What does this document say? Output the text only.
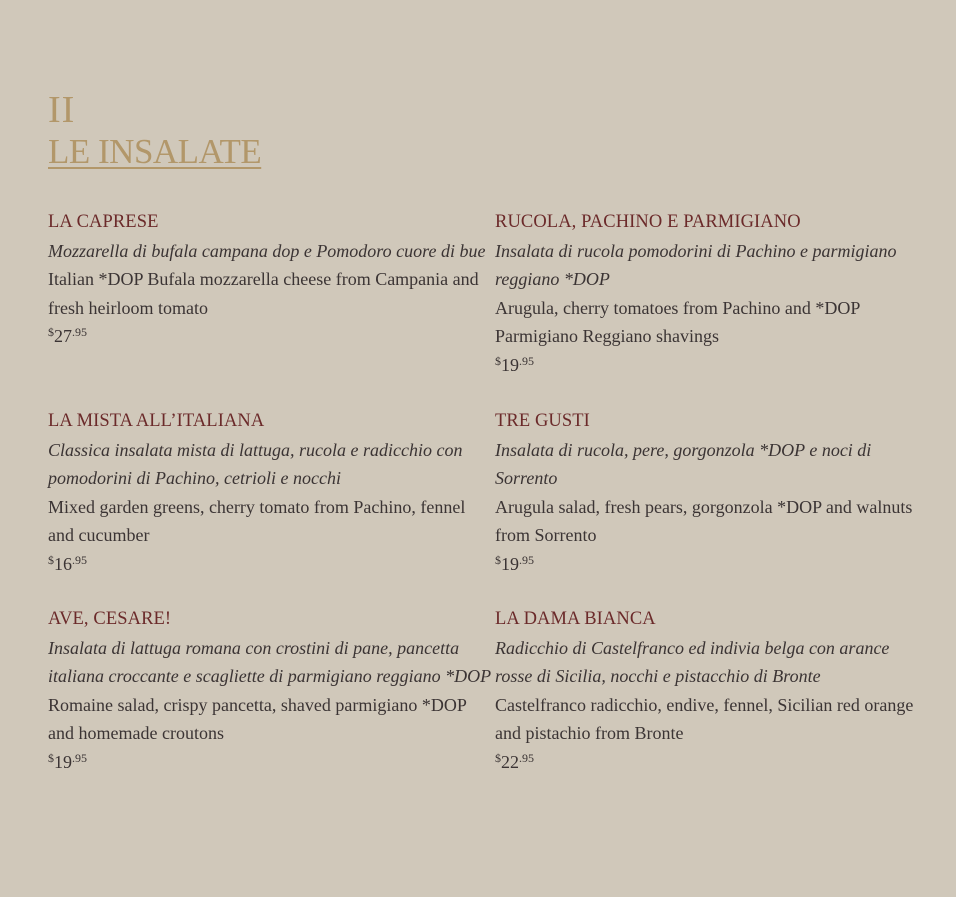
II
LE INSALATE
LA CAPRESE
Mozzarella di bufala campana dop e Pomodoro cuore di bue
Italian *DOP Bufala mozzarella cheese from Campania and fresh heirloom tomato
$^{\$}27^{.95}$
RUCOLA, PACHINO E PARMIGIANO
Insalata di rucola pomodorini di Pachino e parmigiano reggiano *DOP
Arugula, cherry tomatoes from Pachino and *DOP Parmigiano Reggiano shavings
$^{\$}19^{.95}$
LA MISTA ALL’ITALIANA
Classica insalata mista di lattuga, rucola e radicchio con pomodorini di Pachino, cetrioli e nocchi
Mixed garden greens, cherry tomato from Pachino, fennel and cucumber
$^{\$}16^{.95}$
TRE GUSTI
Insalata di rucola, pere, gorgonzola *DOP e noci di Sorrento
Arugula salad, fresh pears, gorgonzola *DOP and walnuts from Sorrento
$^{\$}19^{.95}$
AVE, CESARE!
Insalata di lattuga romana con crostini di pane, pancetta italiana croccante e scagliette di parmigiano reggiano *DOP
Romaine salad, crispy pancetta, shaved parmigiano *DOP and homemade croutons
$^{\$}19^{.95}$
LA DAMA BIANCA
Radicchio di Castelfranco ed indivia belga con arance rosse di Sicilia, nocchi e pistacchio di Bronte
Castelfranco radicchio, endive, fennel, Sicilian red orange and pistachio from Bronte
$^{\$}22^{.95}$
